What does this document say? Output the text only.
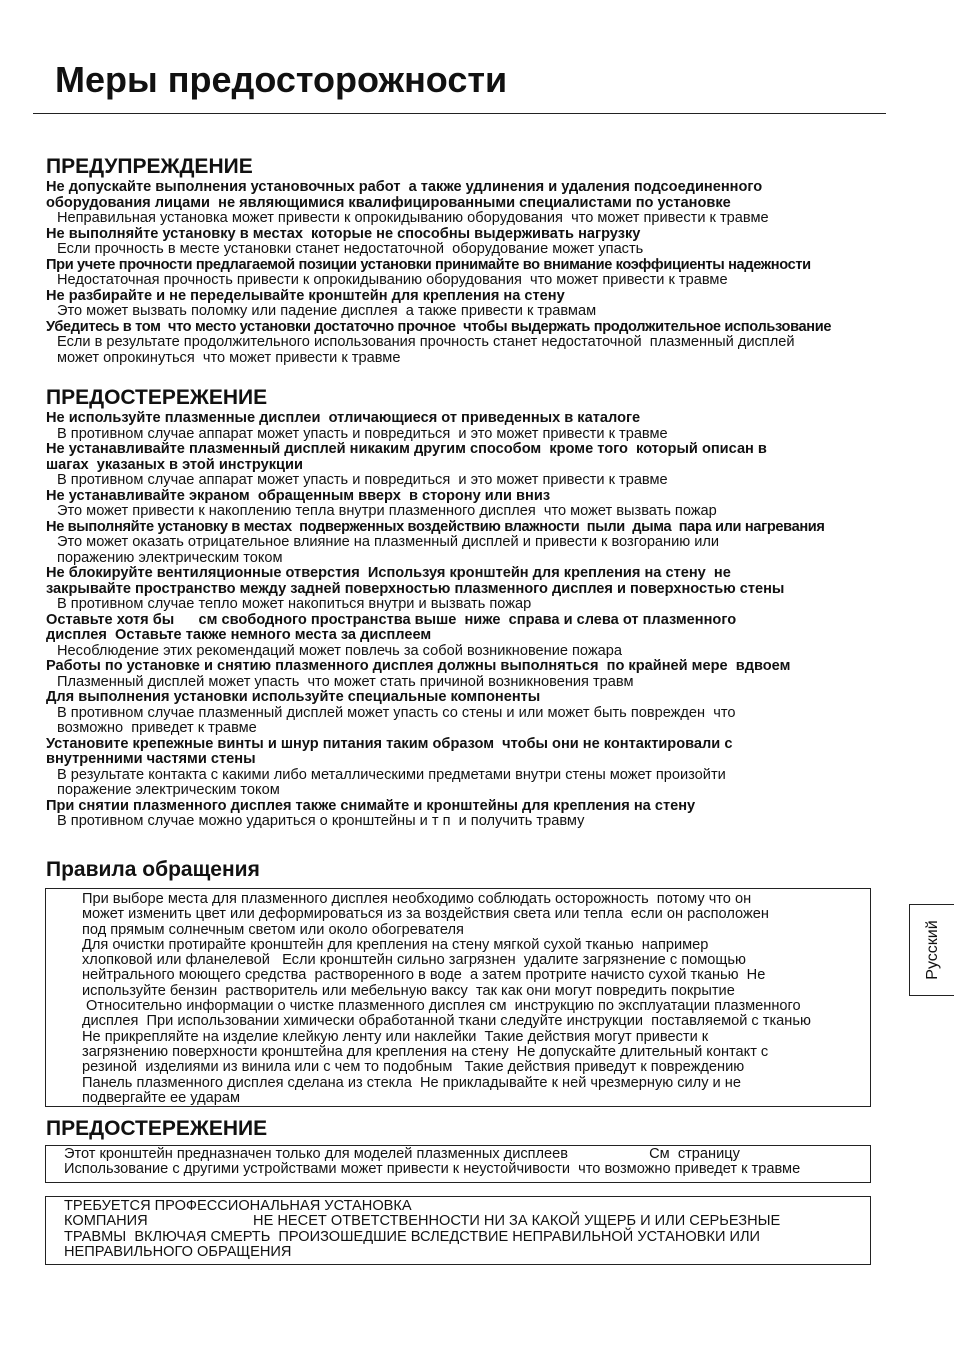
Меры предосторожности
ПРЕДУПРЕЖДЕНИЕ
Не допускайте выполнения установочных работ  а также удлинения и удаления подсоединенного
оборудования лицами  не являющимися квалифицированными специалистами по установке
Неправильная установка может привести к опрокидыванию оборудования  что может привести к травме
Не выполняйте установку в местах  которые не способны выдерживать нагрузку
Если прочность в месте установки станет недостаточной  оборудование может упасть
При учете прочности предлагаемой позиции установки принимайте во внимание коэффициенты надежности
Недостаточная прочность привести к опрокидыванию оборудования  что может привести к травме
Не разбирайте и не переделывайте кронштейн для крепления на стену
Это может вызвать поломку или падение дисплея  а также привести к травмам
Убедитесь в том  что место установки достаточно прочное  чтобы выдержать продолжительное использование
Если в результате продолжительного использования прочность станет недостаточной  плазменный дисплей
может опрокинуться  что может привести к травме
ПРЕДОСТЕРЕЖЕНИЕ
Не используйте плазменные дисплеи  отличающиеся от приведенных в каталоге
В противном случае аппарат может упасть и повредиться  и это может привести к травме
Не устанавливайте плазменный дисплей никаким другим способом  кроме того  который описан в
шагах  указаных в этой инструкции
В противном случае аппарат может упасть и повредиться  и это может привести к травме
Не устанавливайте экраном  обращенным вверх  в сторону или вниз
Это может привести к накоплению тепла внутри плазменного дисплея  что может вызвать пожар
Не выполняйте установку в местах  подверженных воздействию влажности  пыли  дыма  пара или нагревания
Это может оказать отрицательное влияние на плазменный дисплей и привести к возгоранию или
поражению электрическим током
Не блокируйте вентиляционные отверстия  Используя кронштейн для крепления на стену  не
закрывайте пространство между задней поверхностью плазменного дисплея и поверхностью стены
В противном случае тепло может накопиться внутри и вызвать пожар
Оставьте хотя бы      см свободного пространства выше  ниже  справа и слева от плазменного
дисплея  Оставьте также немного места за дисплеем
Несоблюдение этих рекомендаций может повлечь за собой возникновение пожара
Работы по установке и снятию плазменного дисплея должны выполняться  по крайней мере  вдвоем
Плазменный дисплей может упасть  что может стать причиной возникновения травм
Для выполнения установки используйте специальные компоненты
В противном случае плазменный дисплей может упасть со стены и или может быть поврежден  что
возможно  приведет к травме
Установите крепежные винты и шнур питания таким образом  чтобы они не контактировали с
внутренними частями стены
В результате контакта с какими либо металлическими предметами внутри стены может произойти
поражение электрическим током
При снятии плазменного дисплея также снимайте и кронштейны для крепления на стену
В противном случае можно удариться о кронштейны и т п  и получить травму
Правила обращения
При выборе места для плазменного дисплея необходимо соблюдать осторожность  потому что он
может изменить цвет или деформироваться из за воздействия света или тепла  если он расположен
под прямым солнечным светом или около обогревателя
Для очистки протирайте кронштейн для крепления на стену мягкой сухой тканью  например
хлопковой или фланелевой   Если кронштейн сильно загрязнен  удалите загрязнение с помощью
нейтрального моющего средства  растворенного в воде  а затем протрите начисто сухой тканью  Не
используйте бензин  растворитель или мебельную ваксу  так как они могут повредить покрытие
Относительно информации о чистке плазменного дисплея см  инструкцию по эксплуатации плазменного
дисплея  При использовании химически обработанной ткани следуйте инструкции  поставляемой с тканью
Не прикрепляйте на изделие клейкую ленту или наклейки  Такие действия могут привести к
загрязнению поверхности кронштейна для крепления на стену  Не допускайте длительный контакт с
резиной  изделиями из винила или с чем то подобным   Такие действия приведут к повреждению
Панель плазменного дисплея сделана из стекла  Не прикладывайте к ней чрезмерную силу и не
подвергайте ее ударам
ПРЕДОСТЕРЕЖЕНИЕ
Этот кронштейн предназначен только для моделей плазменных дисплеев                    См  страницу
Использование с другими устройствами может привести к неустойчивости  что возможно приведет к травме
ТРЕБУЕТСЯ ПРОФЕССИОНАЛЬНАЯ УСТАНОВКА
КОМПАНИЯ                          НЕ НЕСЕТ ОТВЕТСТВЕННОСТИ НИ ЗА КАКОЙ УЩЕРБ И ИЛИ СЕРЬЕЗНЫЕ
ТРАВМЫ  ВКЛЮЧАЯ СМЕРТЬ  ПРОИЗОШЕДШИЕ ВСЛЕДСТВИЕ НЕПРАВИЛЬНОЙ УСТАНОВКИ ИЛИ
НЕПРАВИЛЬНОГО ОБРАЩЕНИЯ
Русский
